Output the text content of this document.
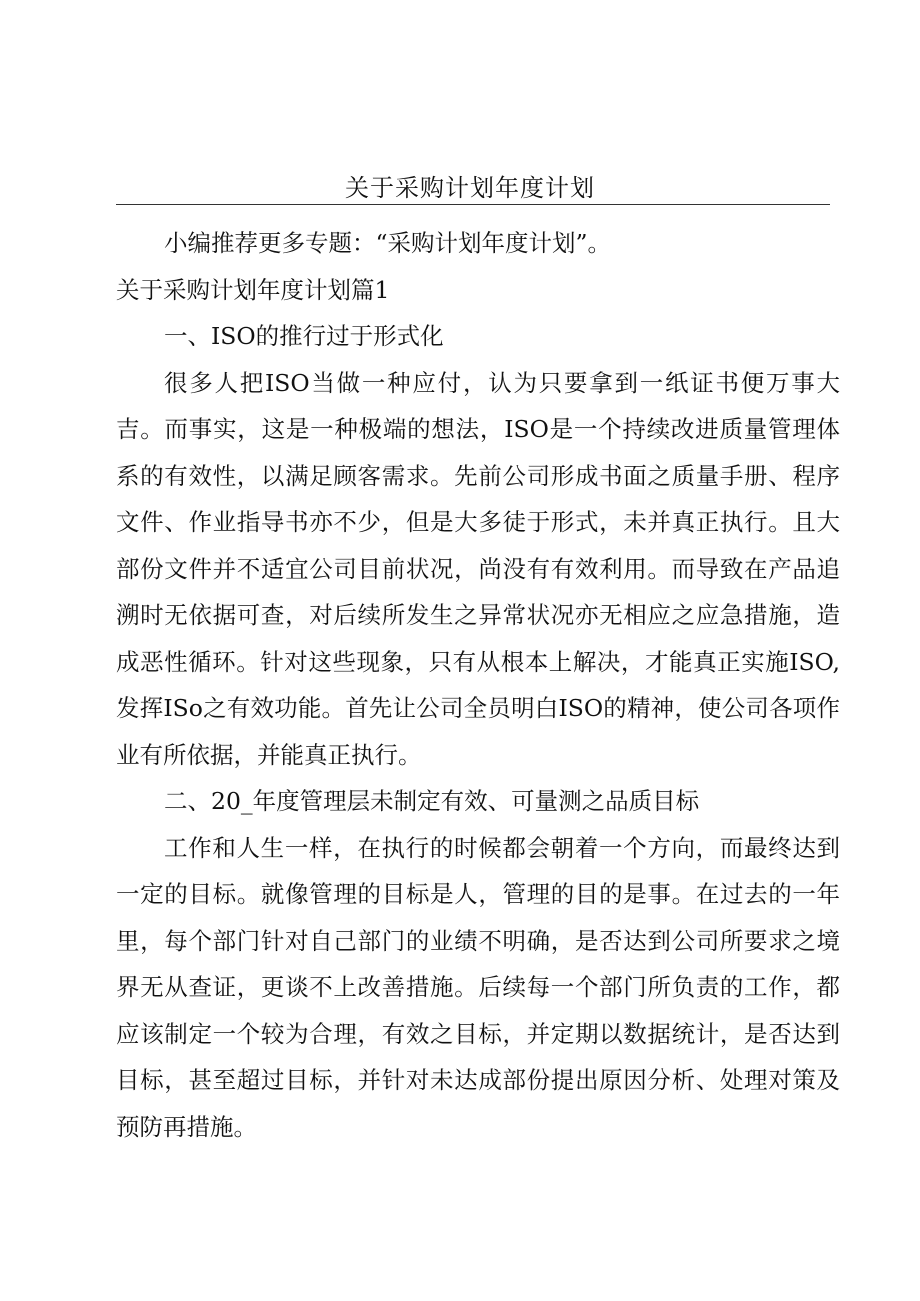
关于采购计划年度计划

小编推荐更多专题：“采购计划年度计划”。

关于采购计划年度计划篇1

一、ISO的推行过于形式化

很多人把ISO当做一种应付，认为只要拿到一纸证书便万事大吉。而事实，这是一种极端的想法，ISO是一个持续改进质量管理体系的有效性，以满足顾客需求。先前公司形成书面之质量手册、程序文件、作业指导书亦不少，但是大多徒于形式，未并真正执行。且大部份文件并不适宜公司目前状况，尚没有有效利用。而导致在产品追溯时无依据可查，对后续所发生之异常状况亦无相应之应急措施，造成恶性循环。针对这些现象，只有从根本上解决，才能真正实施ISO,发挥ISo之有效功能。首先让公司全员明白ISO的精神，使公司各项作业有所依据，并能真正执行。

二、20_年度管理层未制定有效、可量测之品质目标

工作和人生一样，在执行的时候都会朝着一个方向，而最终达到一定的目标。就像管理的目标是人，管理的目的是事。在过去的一年里，每个部门针对自己部门的业绩不明确，是否达到公司所要求之境界无从查证，更谈不上改善措施。后续每一个部门所负责的工作，都应该制定一个较为合理，有效之目标，并定期以数据统计，是否达到目标，甚至超过目标，并针对未达成部份提出原因分析、处理对策及预防再措施。
